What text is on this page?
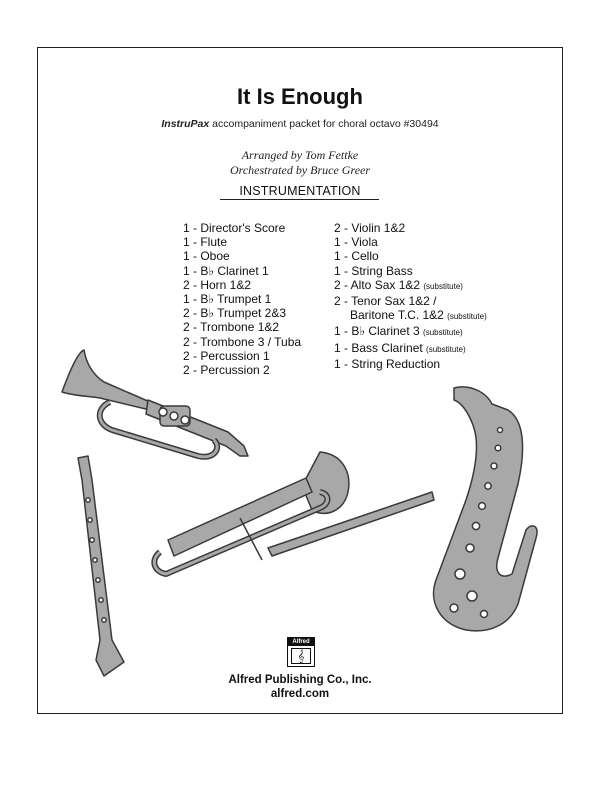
It Is Enough
InstruPax accompaniment packet for choral octavo #30494
Arranged by Tom Fettke
Orchestrated by Bruce Greer
INSTRUMENTATION
1 - Director's Score
1 - Flute
1 - Oboe
1 - B♭ Clarinet 1
2 - Horn 1&2
1 - B♭ Trumpet 1
2 - B♭ Trumpet 2&3
2 - Trombone 1&2
2 - Trombone 3 / Tuba
2 - Percussion 1
2 - Percussion 2
2 - Violin 1&2
1 - Viola
1 - Cello
1 - String Bass
2 - Alto Sax 1&2 (substitute)
2 - Tenor Sax 1&2 /
Baritone T.C. 1&2 (substitute)
1 - B♭ Clarinet 3 (substitute)
1 - Bass Clarinet (substitute)
1 - String Reduction
Alfred
𝄞
Alfred Publishing Co., Inc.
alfred.com
